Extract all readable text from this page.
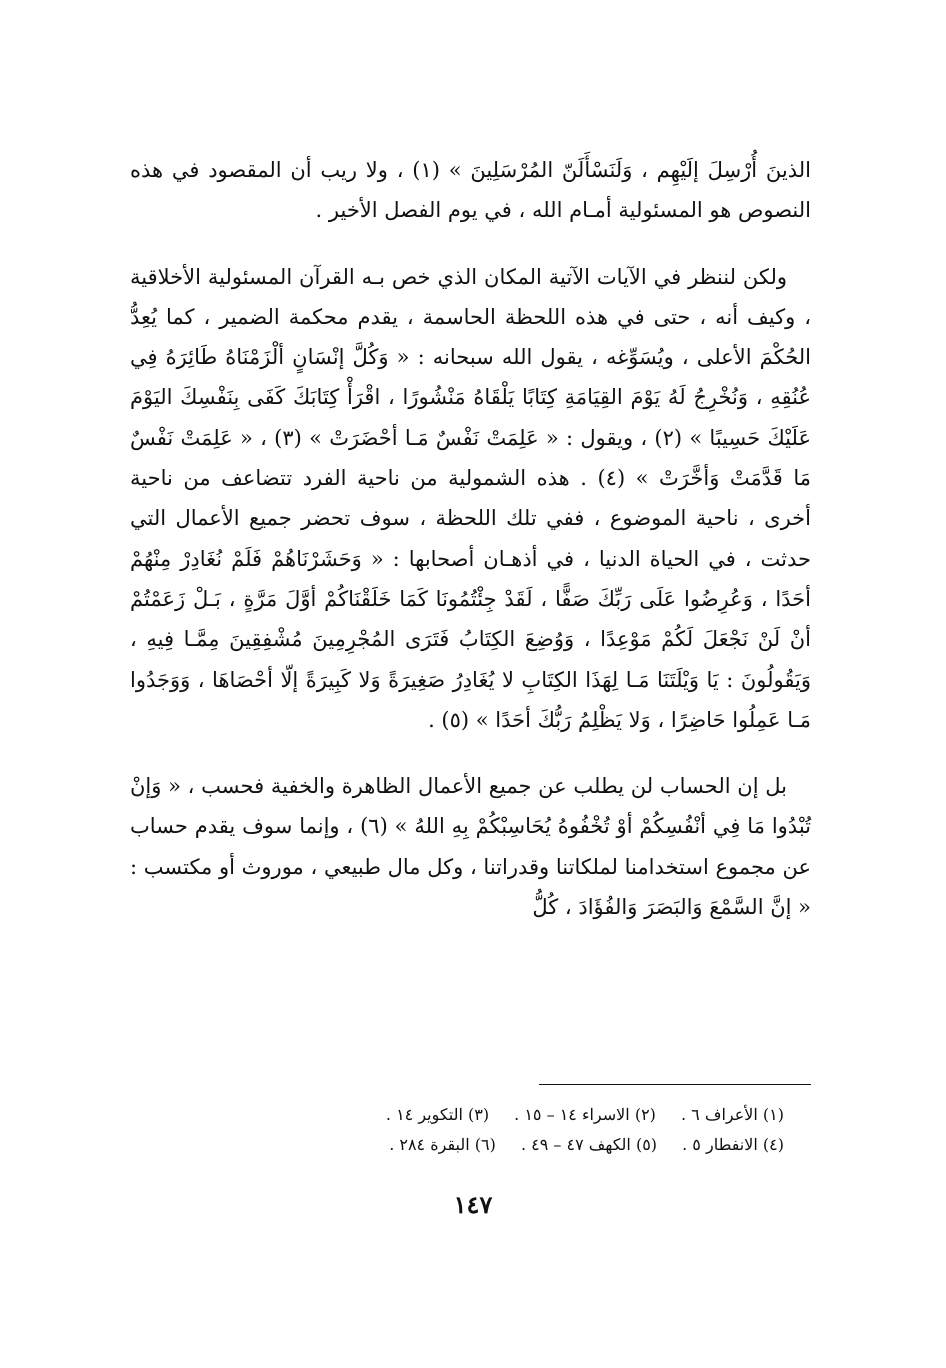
الذينَ أُرْسِلَ إلَيْهِم ، وَلَنَسْأَلَنّ المُرْسَلِينَ » (١) ، ولا ريب أن المقصود في هذه النصوص هو المسئولية أمـام الله ، في يوم الفصل الأخير .

ولكن لننظر في الآيات الآتية المكان الذي خص بـه القرآن المسئولية الأخلاقية ، وكيف أنه ، حتى في هذه اللحظة الحاسمة ، يقدم محكمة الضمير ، كما يُعِدُّ الحُكْمَ الأعلى ، ويُسَوِّغه ، يقول الله سبحانه : « وَكُلَّ إنْسَانٍ ألْزَمْنَاهُ طَائِرَهُ فِي عُنُقِهِ ، وَنُخْرِجُ لَهُ يَوْمَ القِيَامَةِ كِتَابًا يَلْقَاهُ مَنْشُورًا ، اقْرَأْ كِتَابَكَ كَفَى بِنَفْسِكَ اليَوْمَ عَلَيْكَ حَسِيبًا » (٢) ، ويقول : « عَلِمَتْ نَفْسٌ مَـا أحْضَرَتْ » (٣) ، « عَلِمَتْ نَفْسٌ مَا قَدَّمَتْ وَأخَّرَتْ » (٤) . هذه الشمولية من ناحية الفرد تتضاعف من ناحية أخرى ، ناحية الموضوع ، ففي تلك اللحظة ، سوف تحضر جميع الأعمال التي حدثت ، في الحياة الدنيا ، في أذهـان أصحابها : « وَحَشَرْنَاهُمْ فَلَمْ نُغَادِرْ مِنْهُمْ أحَدًا ، وَعُرِضُوا عَلَى رَبِّكَ صَفًّا ، لَقَدْ جِئْتُمُونَا كَمَا خَلَقْنَاكُمْ أوَّلَ مَرَّةٍ ، بَـلْ زَعَمْتُمْ أنْ لَنْ نَجْعَلَ لَكُمْ مَوْعِدًا ، وَوُضِعَ الكِتَابُ فَتَرَى المُجْرِمِينَ مُشْفِقِينَ مِمَّـا فِيهِ ، وَيَقُولُونَ : يَا وَيْلَتَنَا مَـا لِهَذَا الكِتَابِ لا يُغَادِرُ صَغِيرَةً وَلا كَبِيرَةً إلّا أحْصَاهَا ، وَوَجَدُوا مَـا عَمِلُوا حَاضِرًا ، وَلا يَظْلِمُ رَبُّكَ أحَدًا » (٥) .

بل إن الحساب لن يطلب عن جميع الأعمال الظاهرة والخفية فحسب ، « وَإنْ تُبْدُوا مَا فِي أنْفُسِكُمْ أوْ تُخْفُوهُ يُحَاسِبْكُمْ بِهِ اللهُ » (٦) ، وإنما سوف يقدم حساب عن مجموع استخدامنا لملكاتنا وقدراتنا ، وكل مال طبيعي ، موروث أو مكتسب : « إنَّ السَّمْعَ وَالبَصَرَ وَالفُؤَادَ ، كُلُّ

(١) الأعراف ٦ . (٢) الاسراء ١٤ – ١٥ . (٣) التكوير ١٤ .
(٤) الانفطار ٥ . (٥) الكهف ٤٧ – ٤٩ . (٦) البقرة ٢٨٤ .
١٤٧
